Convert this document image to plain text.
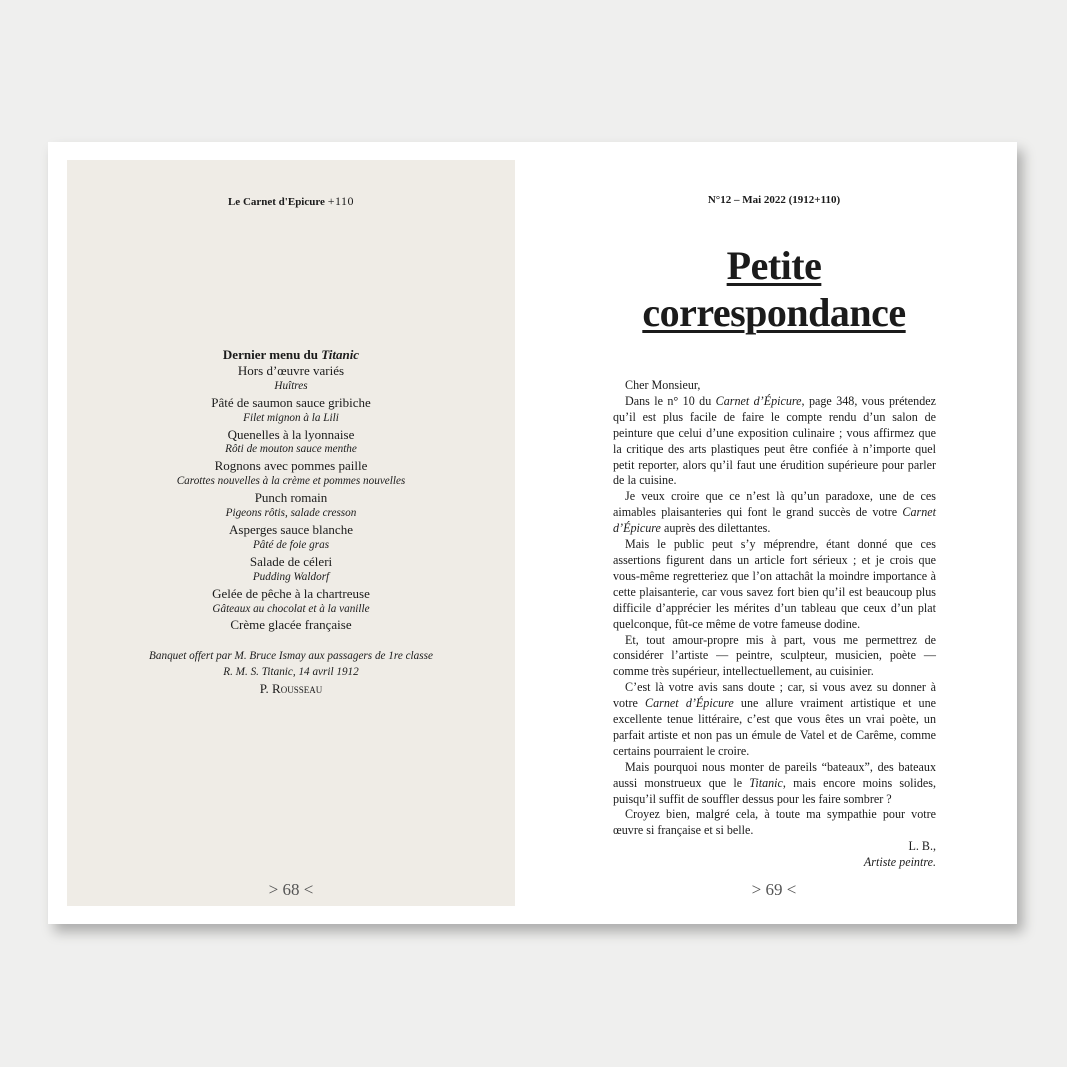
Le Carnet d'Epicure +110
Dernier menu du Titanic
Hors d’œuvre variés
Huîtres
Pâté de saumon sauce gribiche
Filet mignon à la Lili
Quenelles à la lyonnaise
Rôti de mouton sauce menthe
Rognons avec pommes paille
Carottes nouvelles à la crème et pommes nouvelles
Punch romain
Pigeons rôtis, salade cresson
Asperges sauce blanche
Pâté de foie gras
Salade de céleri
Pudding Waldorf
Gelée de pêche à la chartreuse
Gâteaux au chocolat et à la vanille
Crème glacée française
Banquet offert par M. Bruce Ismay aux passagers de 1re classe
R. M. S. Titanic, 14 avril 1912
P. Rousseau
> 68 <
N°12 – Mai 2022 (1912+110)
Petite
correspondance

Cher Monsieur,

Dans le n° 10 du Carnet d’Épicure, page 348, vous prétendez qu’il est plus facile de faire le compte rendu d’un salon de peinture que celui d’une exposition culinaire ; vous affirmez que la critique des arts plastiques peut être confiée à n’importe quel petit reporter, alors qu’il faut une érudition supérieure pour parler de la cuisine.

Je veux croire que ce n’est là qu’un paradoxe, une de ces aimables plaisanteries qui font le grand succès de votre Carnet d’Épicure auprès des dilettantes.

Mais le public peut s’y méprendre, étant donné que ces assertions figurent dans un article fort sérieux ; et je crois que vous-même regretteriez que l’on attachât la moindre importance à cette plaisanterie, car vous savez fort bien qu’il est beaucoup plus difficile d’apprécier les mérites d’un tableau que ceux d’un plat quelconque, fût-ce même de votre fameuse dodine.

Et, tout amour-propre mis à part, vous me permettrez de considérer l’artiste — peintre, sculpteur, musicien, poète — comme très supérieur, intellectuellement, au cuisinier.

C’est là votre avis sans doute ; car, si vous avez su donner à votre Carnet d’Épicure une allure vraiment artistique et une excellente tenue littéraire, c’est que vous êtes un vrai poète, un parfait artiste et non pas un émule de Vatel et de Carême, comme certains pourraient le croire.

Mais pourquoi nous monter de pareils “bateaux”, des bateaux aussi monstrueux que le Titanic, mais encore moins solides, puisqu’il suffit de souffler dessus pour les faire sombrer ?

Croyez bien, malgré cela, à toute ma sympathie pour votre œuvre si française et si belle.

L. B.,

Artiste peintre.

> 69 <
